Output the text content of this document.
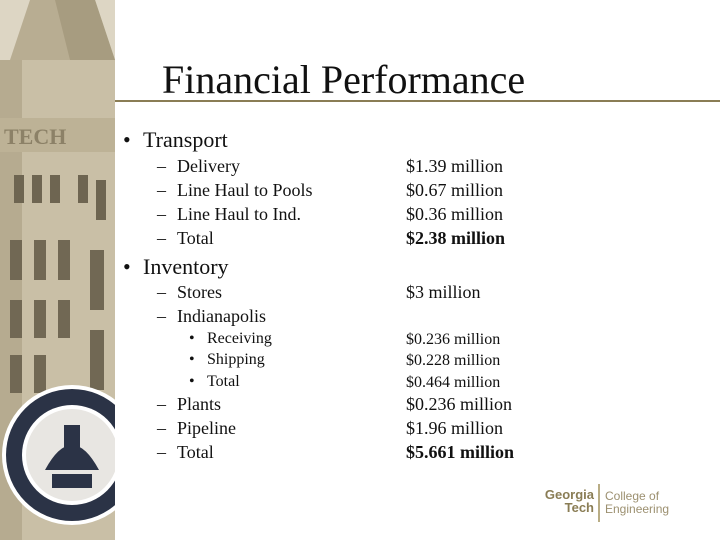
TECH
Financial Performance
• Transport
– Delivery	$1.39 million
– Line Haul to Pools	$0.67 million
– Line Haul to Ind.	$0.36 million
– Total	$2.38 million
• Inventory
– Stores	$3 million
– Indianapolis
• Receiving	$0.236 million
• Shipping	$0.228 million
• Total	$0.464 million
– Plants	$0.236 million
– Pipeline	$1.96 million
– Total	$5.661 million
Georgia
Tech
College of
Engineering
